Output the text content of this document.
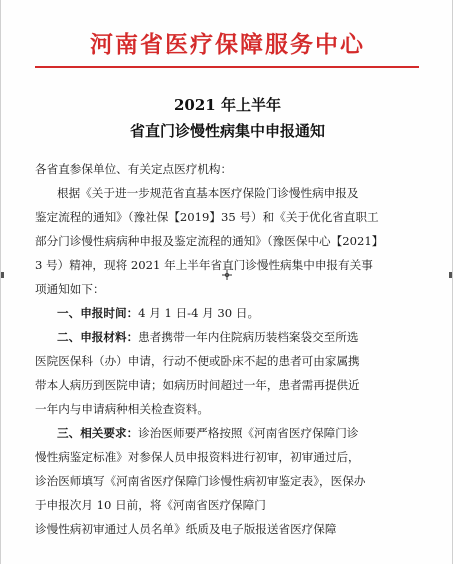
河南省医疗保障服务中心
2021 年上半年
省直门诊慢性病集中申报通知
各省直参保单位、有关定点医疗机构：
根据《关于进一步规范省直基本医疗保险门诊慢性病申报及
鉴定流程的通知》（豫社保【2019】35 号）和《关于优化省直职工
部分门诊慢性病病种申报及鉴定流程的通知》（豫医保中心【2021】
3 号）精神，现将 2021 年上半年省直门诊慢性病集中申报有关事
项通知如下：
一、申报时间：4 月 1 日-4 月 30 日。
二、申报材料：患者携带一年内住院病历装档案袋交至所选
医院医保科（办）申请，行动不便或卧床不起的患者可由家属携
带本人病历到医院申请；如病历时间超过一年，患者需再提供近
一年内与申请病种相关检查资料。
三、相关要求：诊治医师要严格按照《河南省医疗保障门诊
慢性病鉴定标准》对参保人员申报资料进行初审，初审通过后，
诊治医师填写《河南省医疗保障门诊慢性病初审鉴定表》，医保办
于申报次月 10 日前，将《河南省医疗保障门
诊慢性病初审通过人员名单》纸质及电子版报送省医疗保障
